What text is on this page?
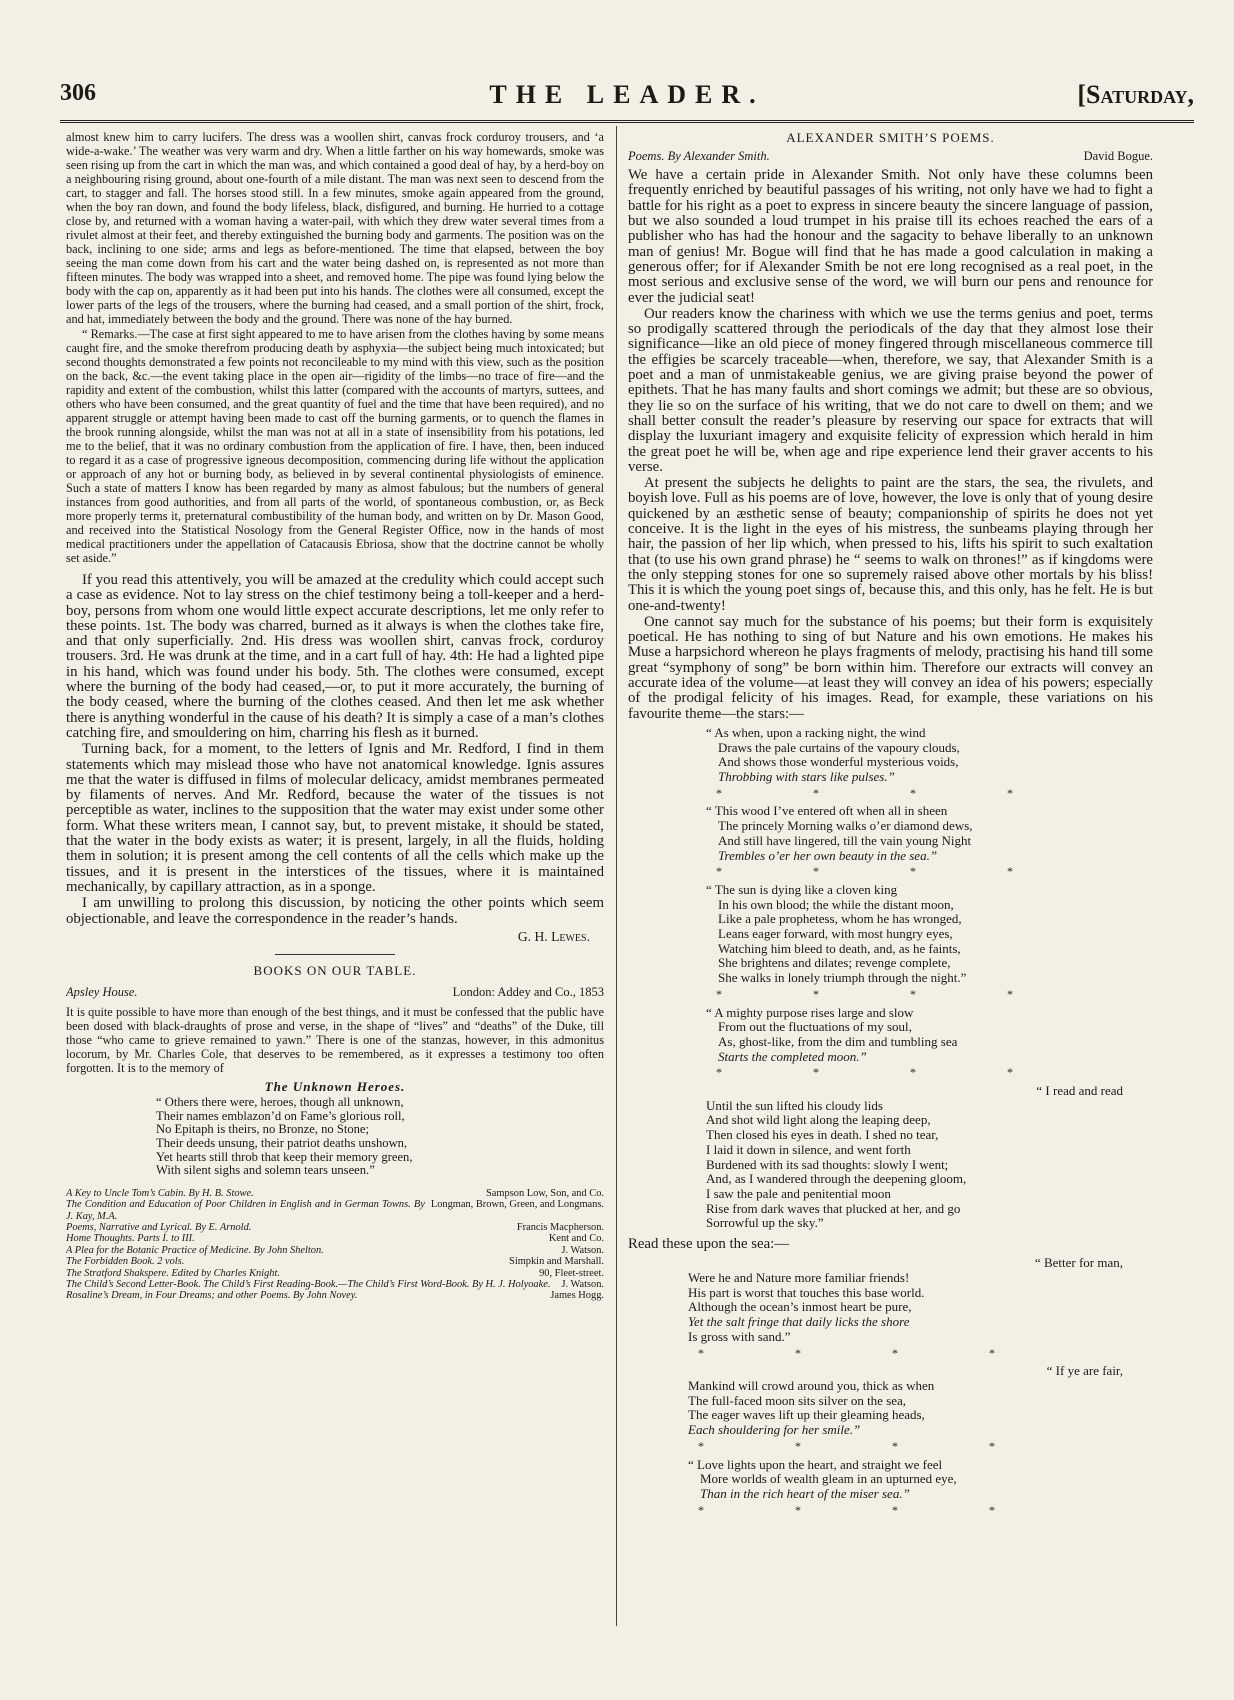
306	THE LEADER.	[Saturday,

almost knew him to carry lucifers. The dress was a woollen shirt, canvas frock corduroy trousers, and ‘a wide-a-wake.’ The weather was very warm and dry. When a little farther on his way homewards, smoke was seen rising up from the cart in which the man was, and which contained a good deal of hay, by a herd-boy on a neighbouring rising ground, about one-fourth of a mile distant. The man was next seen to descend from the cart, to stagger and fall. The horses stood still. In a few minutes, smoke again appeared from the ground, when the boy ran down, and found the body lifeless, black, disfigured, and burning. He hurried to a cottage close by, and returned with a woman having a water-pail, with which they drew water several times from a rivulet almost at their feet, and thereby extinguished the burning body and garments. The position was on the back, inclining to one side; arms and legs as before-mentioned. The time that elapsed, between the boy seeing the man come down from his cart and the water being dashed on, is represented as not more than fifteen minutes. The body was wrapped into a sheet, and removed home. The pipe was found lying below the body with the cap on, apparently as it had been put into his hands. The clothes were all consumed, except the lower parts of the legs of the trousers, where the burning had ceased, and a small portion of the shirt, frock, and hat, immediately between the body and the ground. There was none of the hay burned.

“ Remarks.—The case at first sight appeared to me to have arisen from the clothes having by some means caught fire, and the smoke therefrom producing death by asphyxia—the subject being much intoxicated; but second thoughts demonstrated a few points not reconcileable to my mind with this view, such as the position on the back, &c.—the event taking place in the open air—rigidity of the limbs—no trace of fire—and the rapidity and extent of the combustion, whilst this latter (compared with the accounts of martyrs, suttees, and others who have been consumed, and the great quantity of fuel and the time that have been required), and no apparent struggle or attempt having been made to cast off the burning garments, or to quench the flames in the brook running alongside, whilst the man was not at all in a state of insensibility from his potations, led me to the belief, that it was no ordinary combustion from the application of fire. I have, then, been induced to regard it as a case of progressive igneous decomposition, commencing during life without the application or approach of any hot or burning body, as believed in by several continental physiologists of eminence. Such a state of matters I know has been regarded by many as almost fabulous; but the numbers of general instances from good authorities, and from all parts of the world, of spontaneous combustion, or, as Beck more properly terms it, preternatural combustibility of the human body, and written on by Dr. Mason Good, and received into the Statistical Nosology from the General Register Office, now in the hands of most medical practitioners under the appellation of Catacausis Ebriosa, show that the doctrine cannot be wholly set aside.”

If you read this attentively, you will be amazed at the credulity which could accept such a case as evidence. Not to lay stress on the chief testimony being a toll-keeper and a herd-boy, persons from whom one would little expect accurate descriptions, let me only refer to these points. 1st. The body was charred, burned as it always is when the clothes take fire, and that only superficially. 2nd. His dress was woollen shirt, canvas frock, corduroy trousers. 3rd. He was drunk at the time, and in a cart full of hay. 4th: He had a lighted pipe in his hand, which was found under his body. 5th. The clothes were consumed, except where the burning of the body had ceased,—or, to put it more accurately, the burning of the body ceased, where the burning of the clothes ceased. And then let me ask whether there is anything wonderful in the cause of his death? It is simply a case of a man’s clothes catching fire, and smouldering on him, charring his flesh as it burned.

Turning back, for a moment, to the letters of Ignis and Mr. Redford, I find in them statements which may mislead those who have not anatomical knowledge. Ignis assures me that the water is diffused in films of molecular delicacy, amidst membranes permeated by filaments of nerves. And Mr. Redford, because the water of the tissues is not perceptible as water, inclines to the supposition that the water may exist under some other form. What these writers mean, I cannot say, but, to prevent mistake, it should be stated, that the water in the body exists as water; it is present, largely, in all the fluids, holding them in solution; it is present among the cell contents of all the cells which make up the tissues, and it is present in the interstices of the tissues, where it is maintained mechanically, by capillary attraction, as in a sponge.

I am unwilling to prolong this discussion, by noticing the other points which seem objectionable, and leave the correspondence in the reader’s hands.

G. H. Lewes.
BOOKS ON OUR TABLE.
Apsley House.	London: Addey and Co., 1853

It is quite possible to have more than enough of the best things, and it must be confessed that the public have been dosed with black-draughts of prose and verse, in the shape of “lives” and “deaths” of the Duke, till those “who came to grieve remained to yawn.” There is one of the stanzas, however, in this admonitus locorum, by Mr. Charles Cole, that deserves to be remembered, as it expresses a testimony too often forgotten. It is to the memory of

The Unknown Heroes.
“ Others there were, heroes, though all unknown,
Their names emblazon’d on Fame’s glorious roll,
No Epitaph is theirs, no Bronze, no Stone;
Their deeds unsung, their patriot deaths unshown,
Yet hearts still throb that keep their memory green,
With silent sighs and solemn tears unseen.”
A Key to Uncle Tom’s Cabin. By H. B. Stowe.	Sampson Low, Son, and Co.
The Condition and Education of Poor Children in English and in German Towns. By J. Kay, M.A.
Longman, Brown, Green, and Longmans.
Poems, Narrative and Lyrical. By E. Arnold.	Francis Macpherson.
Home Thoughts. Parts I. to III.	Kent and Co.
A Plea for the Botanic Practice of Medicine. By John Shelton.	J. Watson.
The Forbidden Book. 2 vols.	Simpkin and Marshall.
The Stratford Shakspere. Edited by Charles Knight.	90, Fleet-street.
The Child’s Second Letter-Book. The Child’s First Reading-Book.—The Child’s First Word-Book. By H. J. Holyoake. J. Watson.
Rosaline’s Dream, in Four Dreams; and other Poems. By John Novey.	James Hogg.
ALEXANDER SMITH’S POEMS.
Poems. By Alexander Smith.	David Bogue.

We have a certain pride in Alexander Smith. Not only have these columns been frequently enriched by beautiful passages of his writing, not only have we had to fight a battle for his right as a poet to express in sincere beauty the sincere language of passion, but we also sounded a loud trumpet in his praise till its echoes reached the ears of a publisher who has had the honour and the sagacity to behave liberally to an unknown man of genius! Mr. Bogue will find that he has made a good calculation in making a generous offer; for if Alexander Smith be not ere long recognised as a real poet, in the most serious and exclusive sense of the word, we will burn our pens and renounce for ever the judicial seat!

Our readers know the chariness with which we use the terms genius and poet, terms so prodigally scattered through the periodicals of the day that they almost lose their significance—like an old piece of money fingered through miscellaneous commerce till the effigies be scarcely traceable—when, therefore, we say, that Alexander Smith is a poet and a man of unmistakeable genius, we are giving praise beyond the power of epithets. That he has many faults and short comings we admit; but these are so obvious, they lie so on the surface of his writing, that we do not care to dwell on them; and we shall better consult the reader’s pleasure by reserving our space for extracts that will display the luxuriant imagery and exquisite felicity of expression which herald in him the great poet he will be, when age and ripe experience lend their graver accents to his verse.

At present the subjects he delights to paint are the stars, the sea, the rivulets, and boyish love. Full as his poems are of love, however, the love is only that of young desire quickened by an æsthetic sense of beauty; companionship of spirits he does not yet conceive. It is the light in the eyes of his mistress, the sunbeams playing through her hair, the passion of her lip which, when pressed to his, lifts his spirit to such exaltation that (to use his own grand phrase) he “ seems to walk on thrones!” as if kingdoms were the only stepping stones for one so supremely raised above other mortals by his bliss! This it is which the young poet sings of, because this, and this only, has he felt. He is but one-and-twenty!

One cannot say much for the substance of his poems; but their form is exquisitely poetical. He has nothing to sing of but Nature and his own emotions. He makes his Muse a harpsichord whereon he plays fragments of melody, practising his hand till some great “symphony of song” be born within him. Therefore our extracts will convey an accurate idea of the volume—at least they will convey an idea of his powers; especially of the prodigal felicity of his images. Read, for example, these variations on his favourite theme—the stars:—

“ As when, upon a racking night, the wind
Draws the pale curtains of the vapoury clouds,
And shows those wonderful mysterious voids,
Throbbing with stars like pulses.”
* * * *
“ This wood I’ve entered oft when all in sheen
The princely Morning walks o’er diamond dews,
And still have lingered, till the vain young Night
Trembles o’er her own beauty in the sea.”
* * * *
“ The sun is dying like a cloven king
In his own blood; the while the distant moon,
Like a pale prophetess, whom he has wronged,
Leans eager forward, with most hungry eyes,
Watching him bleed to death, and, as he faints,
She brightens and dilates; revenge complete,
She walks in lonely triumph through the night.”
* * * *
“ A mighty purpose rises large and slow
From out the fluctuations of my soul,
As, ghost-like, from the dim and tumbling sea
Starts the completed moon.”
* * * *
“ I read and read
Until the sun lifted his cloudy lids
And shot wild light along the leaping deep,
Then closed his eyes in death. I shed no tear,
I laid it down in silence, and went forth
Burdened with its sad thoughts: slowly I went;
And, as I wandered through the deepening gloom,
I saw the pale and penitential moon
Rise from dark waves that plucked at her, and go
Sorrowful up the sky.”

Read these upon the sea:—

“ Better for man,
Were he and Nature more familiar friends!
His part is worst that touches this base world.
Although the ocean’s inmost heart be pure,
Yet the salt fringe that daily licks the shore
Is gross with sand.”
* * * *
“ If ye are fair,
Mankind will crowd around you, thick as when
The full-faced moon sits silver on the sea,
The eager waves lift up their gleaming heads,
Each shouldering for her smile.”
* * * *
“ Love lights upon the heart, and straight we feel
More worlds of wealth gleam in an upturned eye,
Than in the rich heart of the miser sea.”
* * * *
